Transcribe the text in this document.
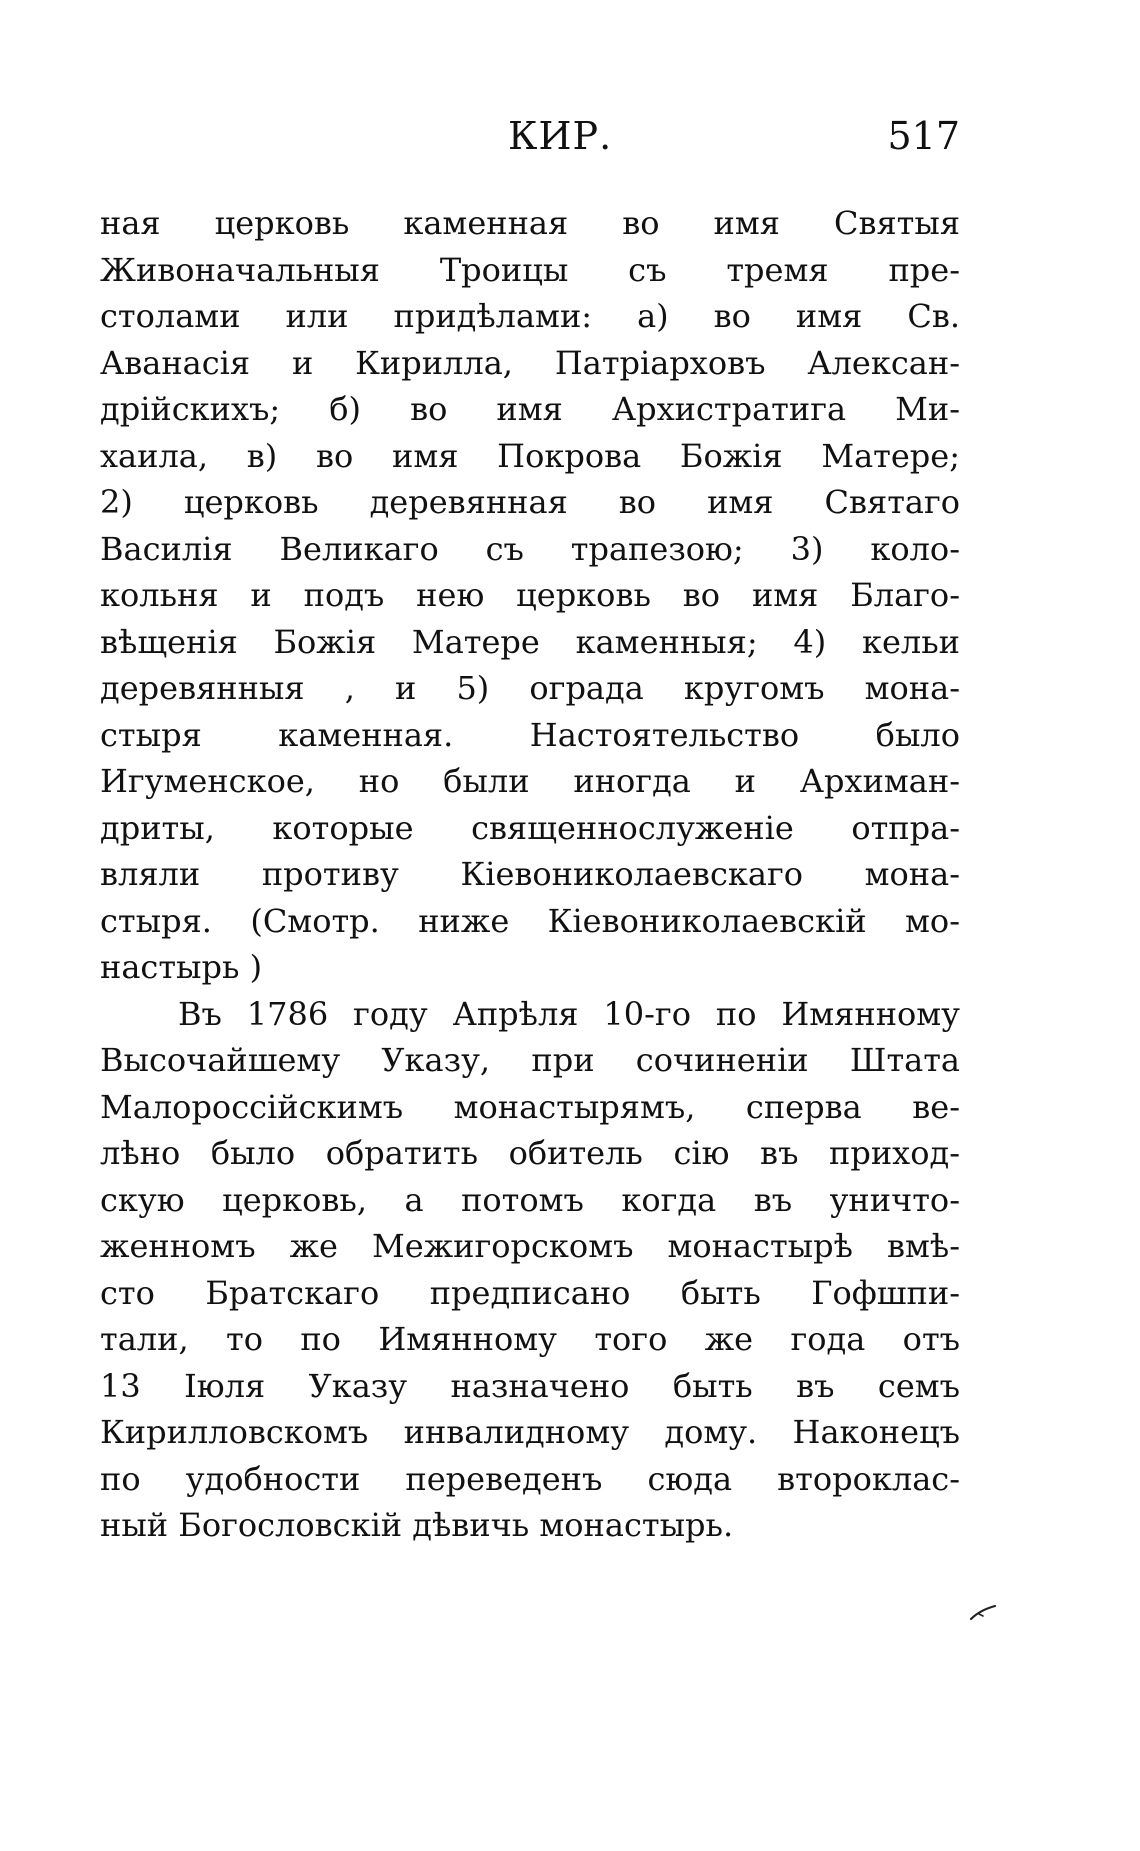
КИР.	517
ная церковь каменная во имя Святыя
Живоначальныя Троицы съ тремя пре-
столами или придѣлами: а) во имя Св.
Аванасія и Кирилла, Патріарховъ Алексан-
дрійскихъ; б) во имя Архистратига Ми-
хаила, в) во имя Покрова Божія Матере;
2) церковь деревянная во имя Святаго
Василія Великаго съ трапезою; 3) коло-
кольня и подъ нею церковь во имя Благо-
вѣщенія Божія Матере каменныя; 4) кельи
деревянныя , и 5) ограда кругомъ мона-
стыря каменная. Настоятельство было
Игуменское, но были иногда и Архиман-
дриты, которые священнослуженіе отпра-
вляли противу Кіевониколаевскаго мона-
стыря. (Смотр. ниже Кіевониколаевскій мо-
настырь )
Въ 1786 году Апрѣля 10-го по Имянному
Высочайшему Указу, при сочиненіи Штата
Малороссійскимъ монастырямъ, сперва ве-
лѣно было обратить обитель сію въ приход-
скую церковь, а потомъ когда въ уничто-
женномъ же Межигорскомъ монастырѣ вмѣ-
сто Братскаго предписано быть Гофшпи-
тали, то по Имянному того же года отъ
13 Іюля Указу назначено быть въ семъ
Кирилловскомъ инвалидному дому. Наконецъ
по удобности переведенъ сюда второклас-
ный Богословскій дѣвичь монастырь.
